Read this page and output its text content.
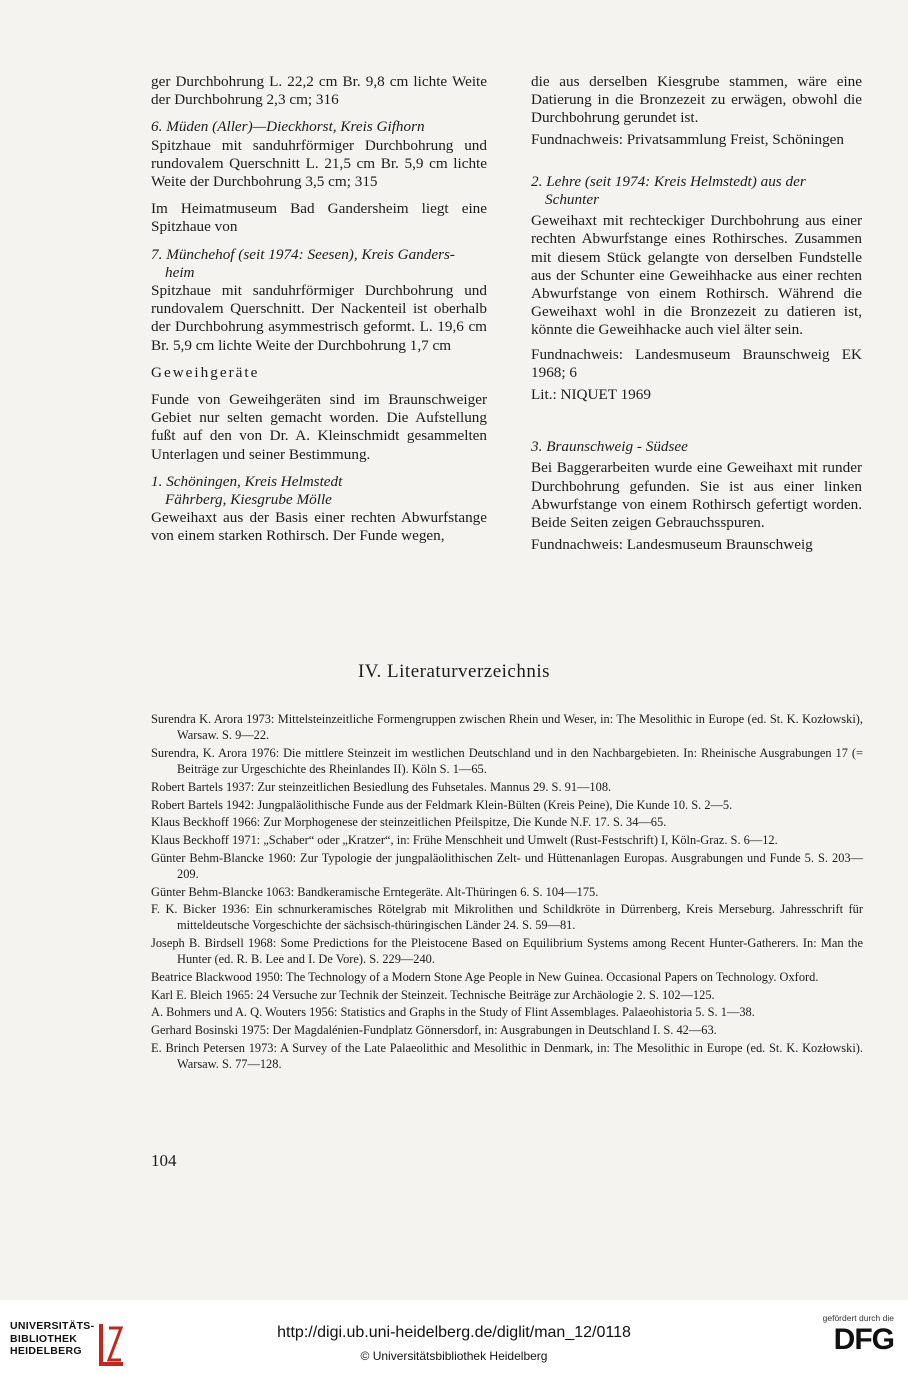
ger Durchbohrung L. 22,2 cm Br. 9,8 cm lichte Weite der Durchbohrung 2,3 cm; 316

6. Müden (Aller)—Dieckhorst, Kreis Gifhorn

Spitzhaue mit sanduhrförmiger Durchbohrung und rundovalem Querschnitt L. 21,5 cm Br. 5,9 cm lichte Weite der Durchbohrung 3,5 cm; 315

Im Heimatmuseum Bad Gandersheim liegt eine Spitzhaue von

7. Münchehof (seit 1974: Seesen), Kreis Ganders-
heim

Spitzhaue mit sanduhrförmiger Durchbohrung und rundovalem Querschnitt. Der Nackenteil ist oberhalb der Durchbohrung asymmestrisch geformt. L. 19,6 cm Br. 5,9 cm lichte Weite der Durchbohrung 1,7 cm

Geweihgeräte

Funde von Geweihgeräten sind im Braunschweiger Gebiet nur selten gemacht worden. Die Aufstellung fußt auf den von Dr. A. Kleinschmidt gesammelten Unterlagen und seiner Bestimmung.

1. Schöningen, Kreis Helmstedt
Fährberg, Kiesgrube Mölle

Geweihaxt aus der Basis einer rechten Abwurfstange von einem starken Rothirsch. Der Funde wegen,

die aus derselben Kiesgrube stammen, wäre eine Datierung in die Bronzezeit zu erwägen, obwohl die Durchbohrung gerundet ist.

Fundnachweis: Privatsammlung Freist, Schöningen

2. Lehre (seit 1974: Kreis Helmstedt) aus der
Schunter

Geweihaxt mit rechteckiger Durchbohrung aus einer rechten Abwurfstange eines Rothirsches. Zusammen mit diesem Stück gelangte von derselben Fundstelle aus der Schunter eine Geweihhacke aus einer rechten Abwurfstange von einem Rothirsch. Während die Geweihaxt wohl in die Bronzezeit zu datieren ist, könnte die Geweihhacke auch viel älter sein.

Fundnachweis: Landesmuseum Braunschweig EK 1968; 6

Lit.: NIQUET 1969

3. Braunschweig - Südsee

Bei Baggerarbeiten wurde eine Geweihaxt mit runder Durchbohrung gefunden. Sie ist aus einer linken Abwurfstange von einem Rothirsch gefertigt worden. Beide Seiten zeigen Gebrauchsspuren.

Fundnachweis: Landesmuseum Braunschweig

IV. Literaturverzeichnis

Surendra K. Arora 1973: Mittelsteinzeitliche Formengruppen zwischen Rhein und Weser, in: The Mesolithic in Europe (ed. St. K. Kozłowski), Warsaw. S. 9—22.

Surendra, K. Arora 1976: Die mittlere Steinzeit im westlichen Deutschland und in den Nachbargebieten. In: Rheinische Ausgrabungen 17 (= Beiträge zur Urgeschichte des Rheinlandes II). Köln S. 1—65.

Robert Bartels 1937: Zur steinzeitlichen Besiedlung des Fuhsetales. Mannus 29. S. 91—108.

Robert Bartels 1942: Jungpaläolithische Funde aus der Feldmark Klein-Bülten (Kreis Peine), Die Kunde 10. S. 2—5.

Klaus Beckhoff 1966: Zur Morphogenese der steinzeitlichen Pfeilspitze, Die Kunde N.F. 17. S. 34—65.

Klaus Beckhoff 1971: „Schaber“ oder „Kratzer“, in: Frühe Menschheit und Umwelt (Rust-Festschrift) I, Köln-Graz. S. 6—12.

Günter Behm-Blancke 1960: Zur Typologie der jungpaläolithischen Zelt- und Hüttenanlagen Europas. Ausgrabungen und Funde 5. S. 203—209.

Günter Behm-Blancke 1063: Bandkeramische Erntegeräte. Alt-Thüringen 6. S. 104—175.

F. K. Bicker 1936: Ein schnurkeramisches Rötelgrab mit Mikrolithen und Schildkröte in Dürrenberg, Kreis Merseburg. Jahresschrift für mitteldeutsche Vorgeschichte der sächsisch-thüringischen Länder 24. S. 59—81.

Joseph B. Birdsell 1968: Some Predictions for the Pleistocene Based on Equilibrium Systems among Recent Hunter-Gatherers. In: Man the Hunter (ed. R. B. Lee and I. De Vore). S. 229—240.

Beatrice Blackwood 1950: The Technology of a Modern Stone Age People in New Guinea. Occasional Papers on Technology. Oxford.

Karl E. Bleich 1965: 24 Versuche zur Technik der Steinzeit. Technische Beiträge zur Archäologie 2. S. 102—125.

A. Bohmers und A. Q. Wouters 1956: Statistics and Graphs in the Study of Flint Assemblages. Palaeohistoria 5. S. 1—38.

Gerhard Bosinski 1975: Der Magdalénien-Fundplatz Gönnersdorf, in: Ausgrabungen in Deutschland I. S. 42—63.

E. Brinch Petersen 1973: A Survey of the Late Palaeolithic and Mesolithic in Denmark, in: The Mesolithic in Europe (ed. St. K. Kozłowski). Warsaw. S. 77—128.

104
UNIVERSITÄTS-
BIBLIOTHEK
HEIDELBERG
http://digi.ub.uni-heidelberg.de/diglit/man_12/0118
© Universitätsbibliothek Heidelberg
gefördert durch die
DFG
